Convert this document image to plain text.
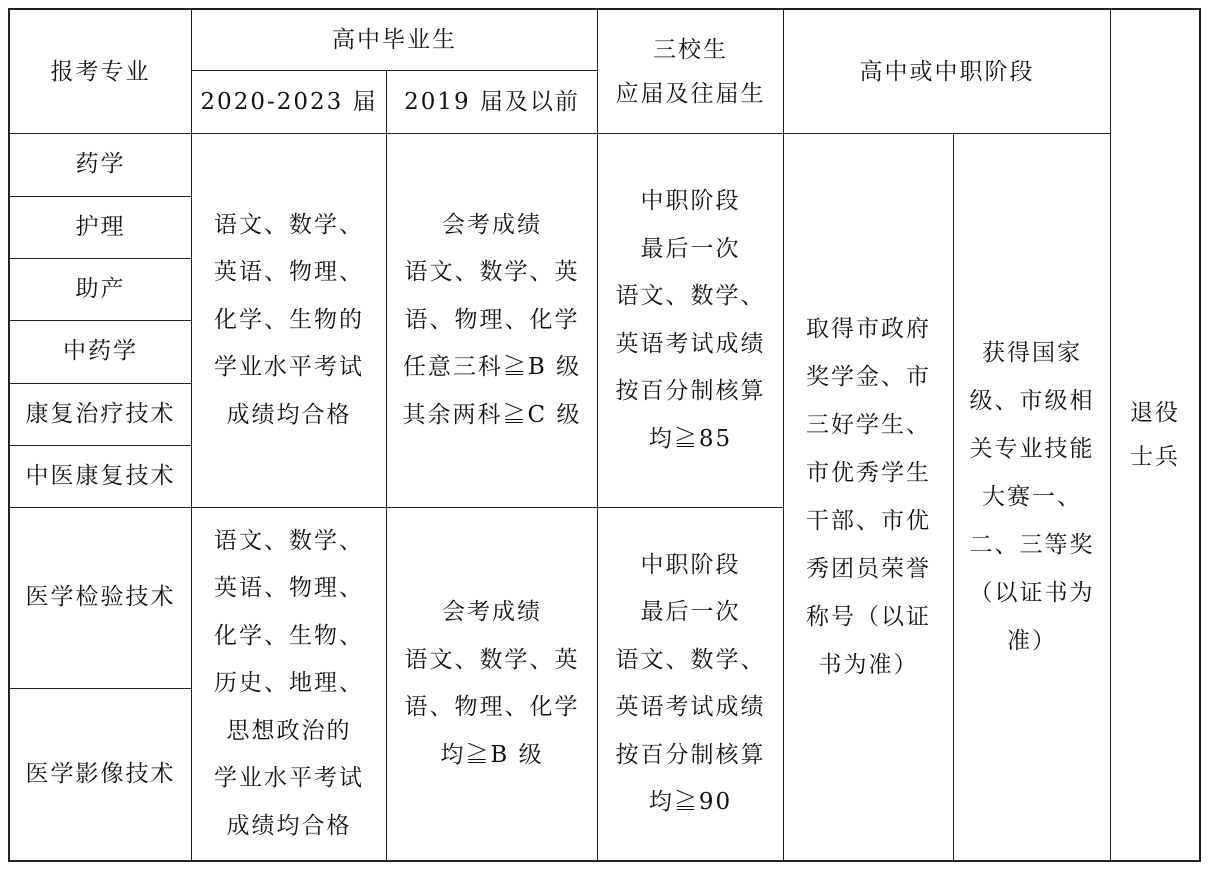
报考专业
高中毕业生
2020-2023 届 2019 届及以前
三校生
应届及往届生
高中或中职阶段
退役
士兵
药学
护理
助产
中药学
康复治疗技术
中医康复技术
医学检验技术
医学影像技术
语文、数学、
英语、物理、
化学、生物的
学业水平考试
成绩均合格
会考成绩
语文、数学、英
语、物理、化学
任意三科≧B 级
其余两科≧C 级
中职阶段
最后一次
语文、数学、
英语考试成绩
按百分制核算
均≧85
语文、数学、
英语、物理、
化学、生物、
历史、地理、
思想政治的
学业水平考试
成绩均合格
会考成绩
语文、数学、英
语、物理、化学
均≧B 级
中职阶段
最后一次
语文、数学、
英语考试成绩
按百分制核算
均≧90
取得市政府
奖学金、市
三好学生、
市优秀学生
干部、市优
秀团员荣誉
称号（以证
书为准）
获得国家
级、市级相
关专业技能
大赛一、
二、三等奖
（以证书为
准）
